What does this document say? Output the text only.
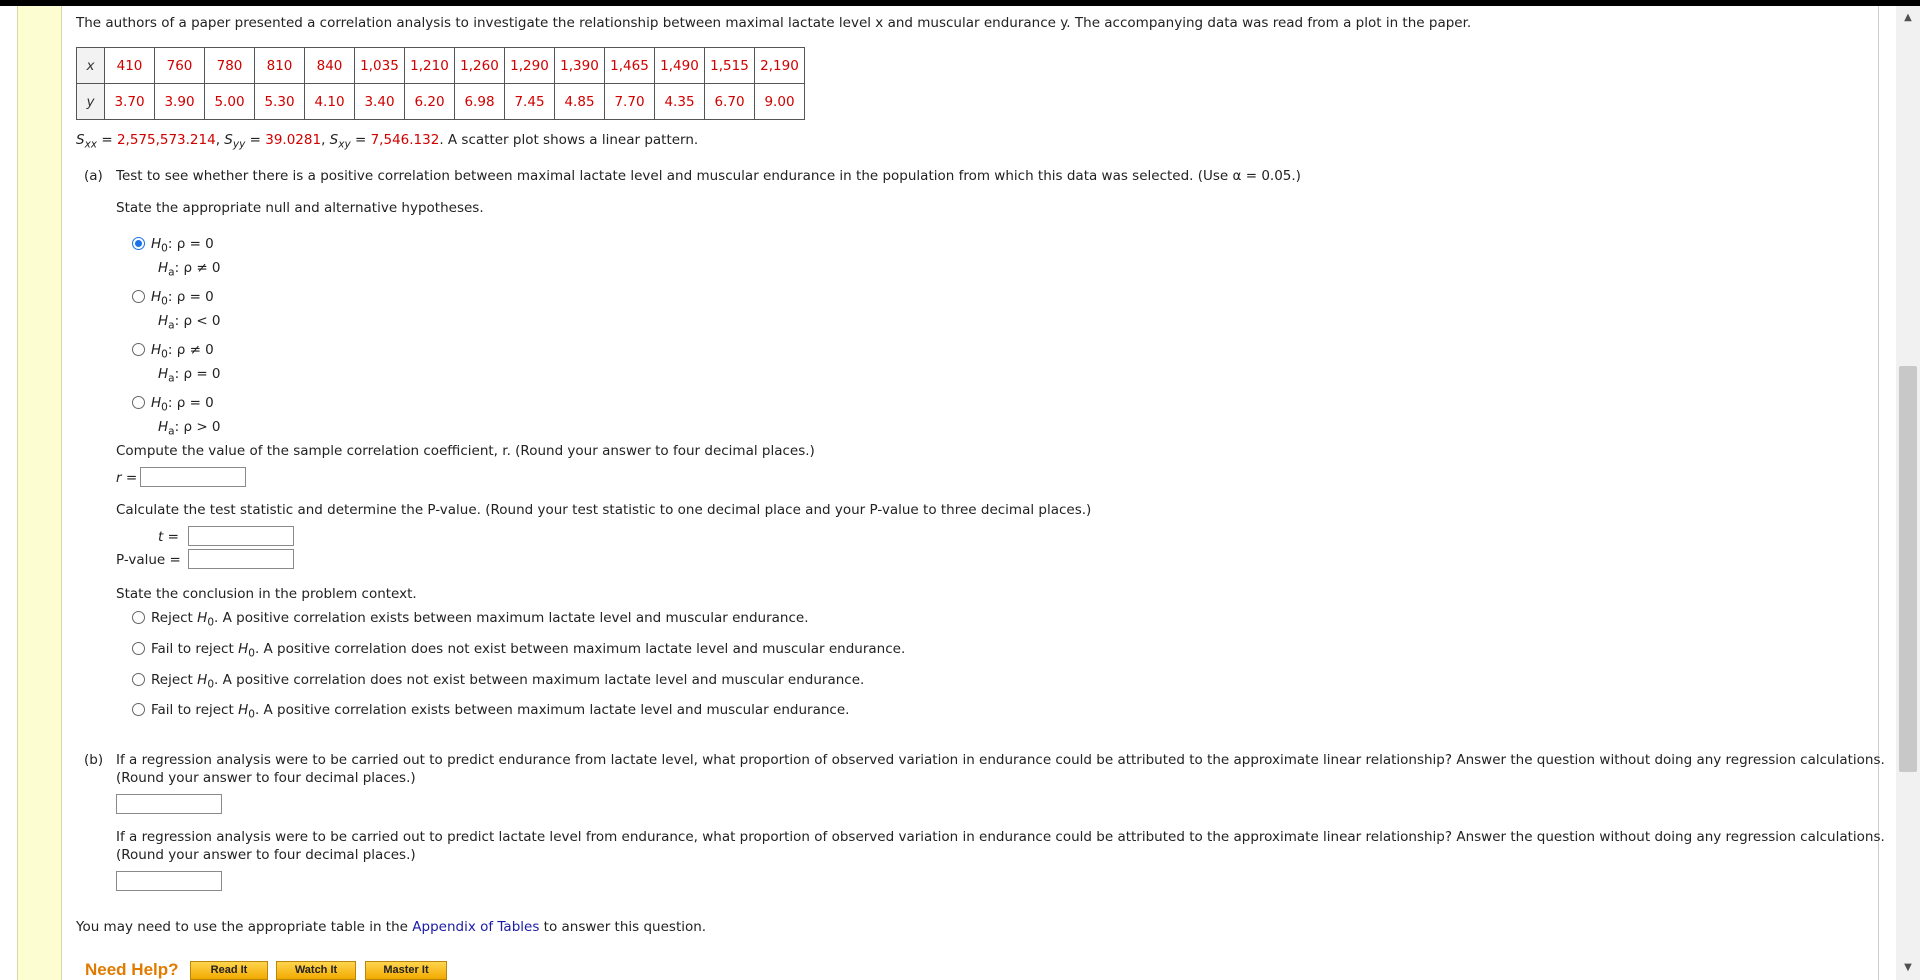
▲
▼
The authors of a paper presented a correlation analysis to investigate the relationship between maximal lactate level x and muscular endurance y. The accompanying data was read from a plot in the paper.
x	410	760	780	810	840	1,035	1,210	1,260	1,290	1,390	1,465	1,490	1,515	2,190
y	3.70	3.90	5.00	5.30	4.10	3.40	6.20	6.98	7.45	4.85	7.70	4.35	6.70	9.00
$S_{xx} = 2,575,573.214$, $S_{yy} = 39.0281$, $S_{xy} = 7,546.132$. A scatter plot shows a linear pattern.
(a) Test to see whether there is a positive correlation between maximal lactate level and muscular endurance in the population from which this data was selected. (Use α = 0.05.)
State the appropriate null and alternative hypotheses.
$H_0$: ρ = 0
$H_a$: ρ ≠ 0
$H_0$: ρ = 0
$H_a$: ρ < 0
$H_0$: ρ ≠ 0
$H_a$: ρ = 0
$H_0$: ρ = 0
$H_a$: ρ > 0
Compute the value of the sample correlation coefficient, r. (Round your answer to four decimal places.)
r =
Calculate the test statistic and determine the P-value. (Round your test statistic to one decimal place and your P-value to three decimal places.)
t =
P-value =
State the conclusion in the problem context.
Reject $H_0$. A positive correlation exists between maximum lactate level and muscular endurance.
Fail to reject $H_0$. A positive correlation does not exist between maximum lactate level and muscular endurance.
Reject $H_0$. A positive correlation does not exist between maximum lactate level and muscular endurance.
Fail to reject $H_0$. A positive correlation exists between maximum lactate level and muscular endurance.
(b) If a regression analysis were to be carried out to predict endurance from lactate level, what proportion of observed variation in endurance could be attributed to the approximate linear relationship? Answer the question without doing any regression calculations.
(Round your answer to four decimal places.)
If a regression analysis were to be carried out to predict lactate level from endurance, what proportion of observed variation in endurance could be attributed to the approximate linear relationship? Answer the question without doing any regression calculations.
(Round your answer to four decimal places.)
You may need to use the appropriate table in the Appendix of Tables to answer this question.
Need Help?	Read It	Watch It	Master It
